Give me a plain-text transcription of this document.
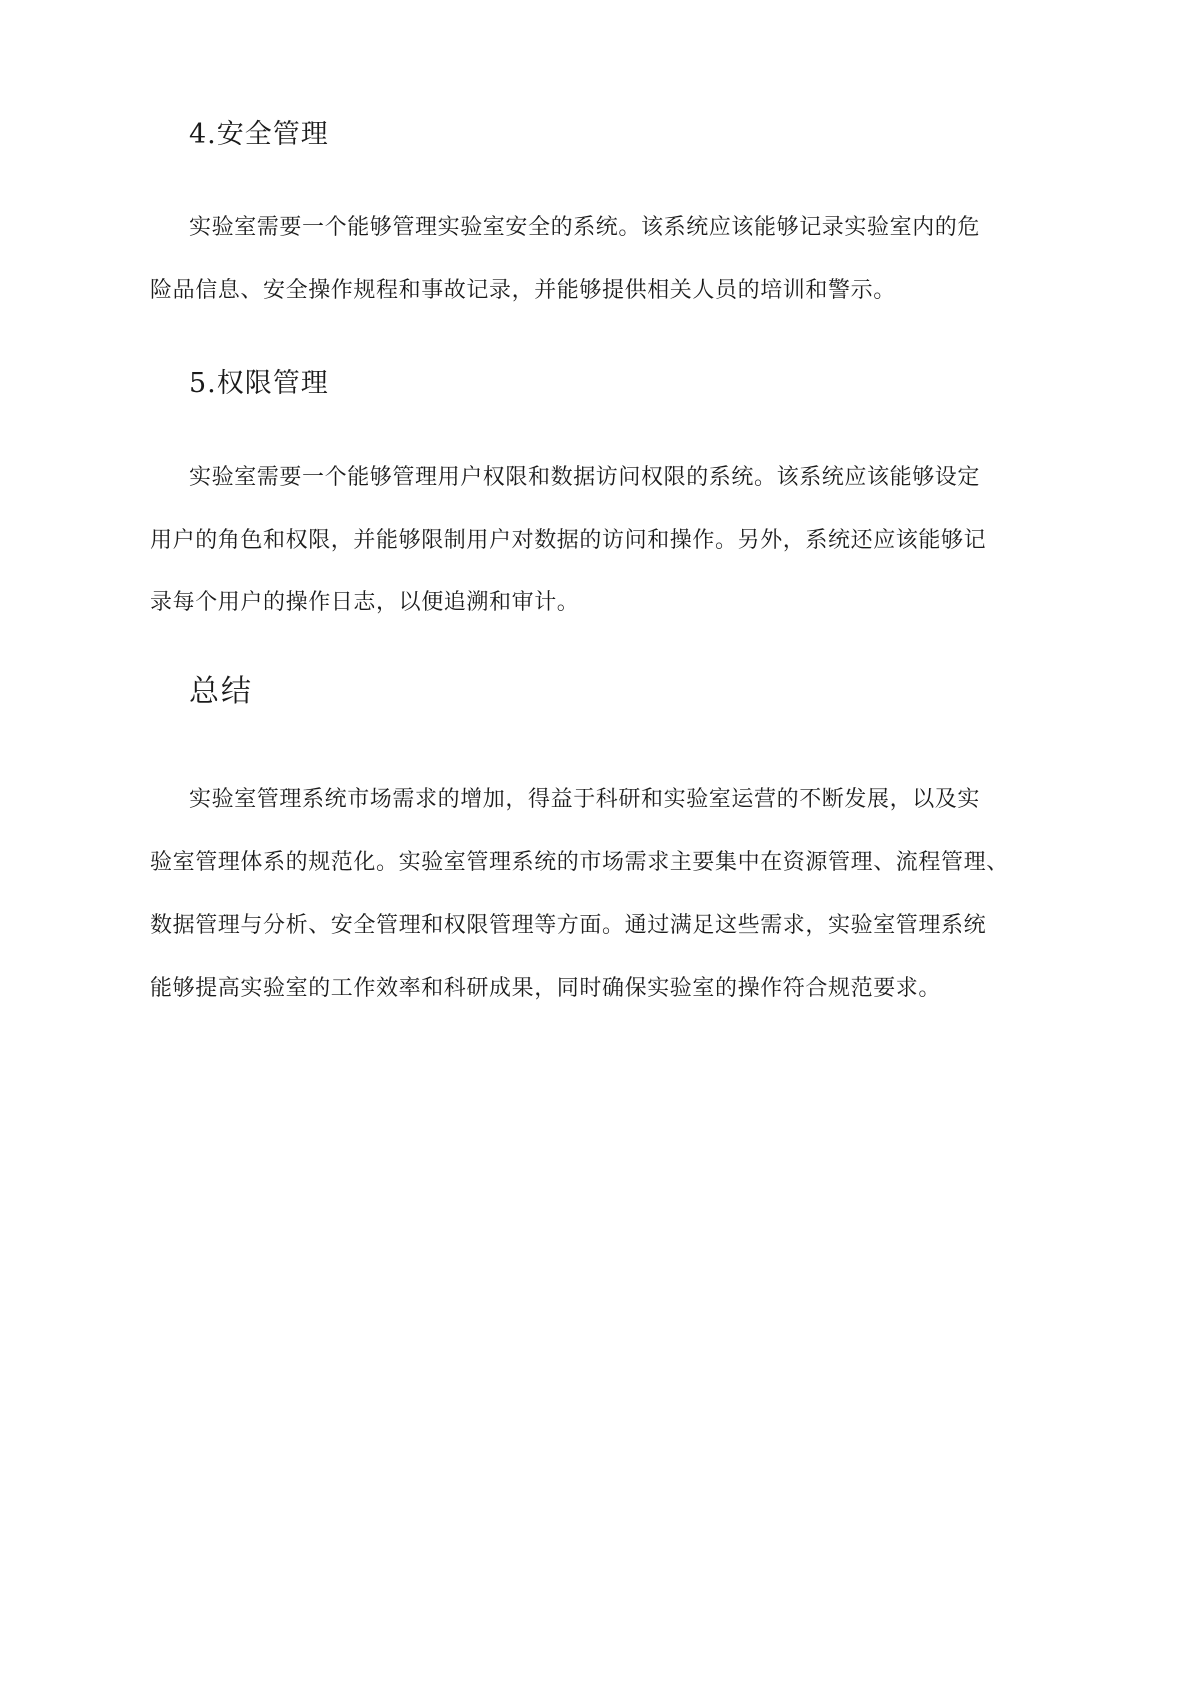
4.安全管理
实验室需要一个能够管理实验室安全的系统。该系统应该能够记录实验室内的危
险品信息、安全操作规程和事故记录，并能够提供相关人员的培训和警示。
5.权限管理
实验室需要一个能够管理用户权限和数据访问权限的系统。该系统应该能够设定
用户的角色和权限，并能够限制用户对数据的访问和操作。另外，系统还应该能够记
录每个用户的操作日志，以便追溯和审计。
总结
实验室管理系统市场需求的增加，得益于科研和实验室运营的不断发展，以及实
验室管理体系的规范化。实验室管理系统的市场需求主要集中在资源管理、流程管理、
数据管理与分析、安全管理和权限管理等方面。通过满足这些需求，实验室管理系统
能够提高实验室的工作效率和科研成果，同时确保实验室的操作符合规范要求。
